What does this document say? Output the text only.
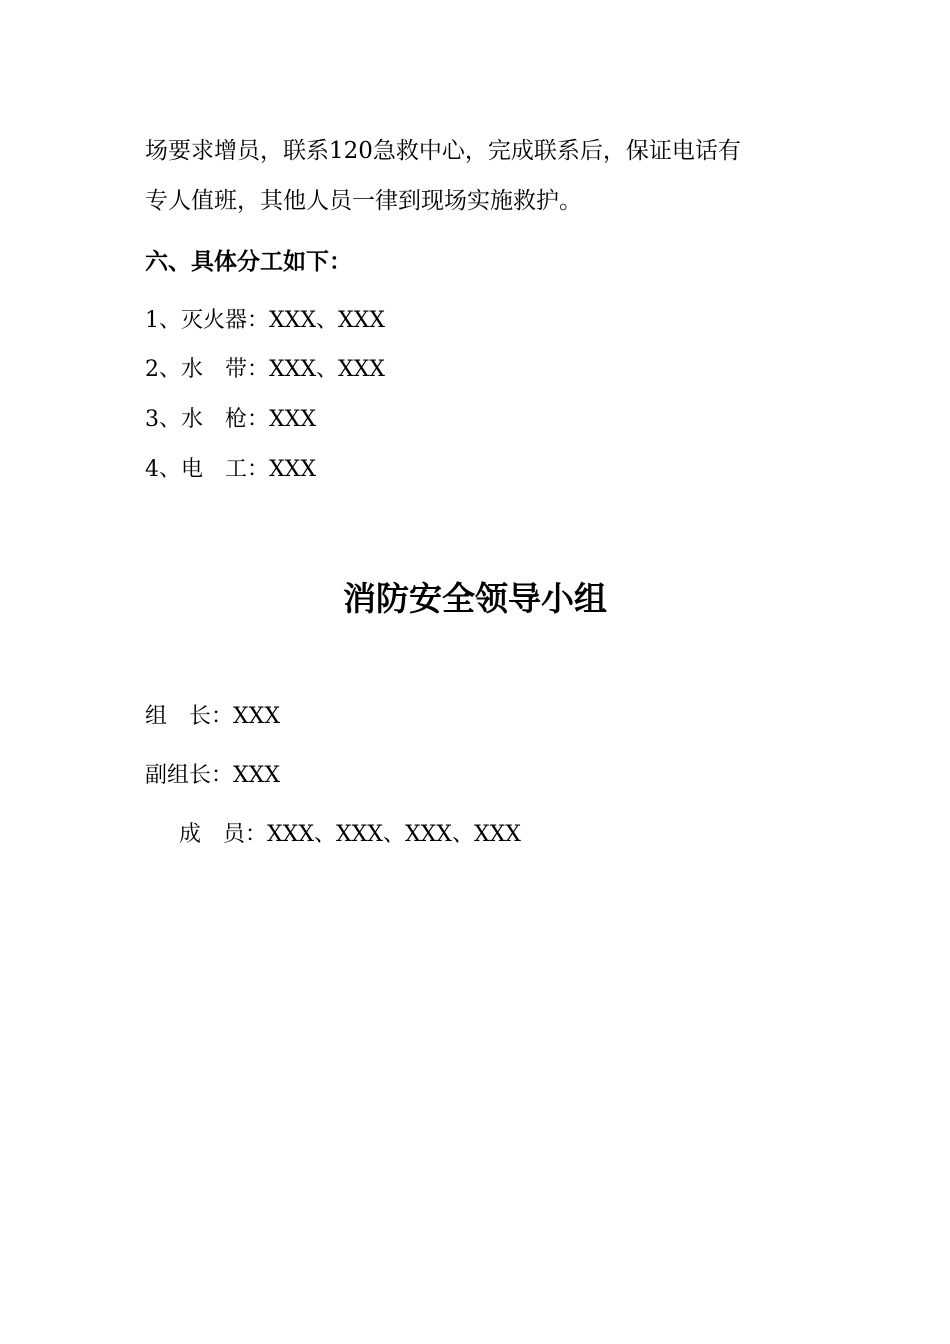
场要求增员，联系120急救中心，完成联系后，保证电话有
专人值班，其他人员一律到现场实施救护。
六、具体分工如下：
1、灭火器：XXX、XXX
2、水　带：XXX、XXX
3、水　枪：XXX
4、电　工：XXX
消防安全领导小组
组　长：XXX
副组长：XXX
成　员：XXX、XXX、XXX、XXX
